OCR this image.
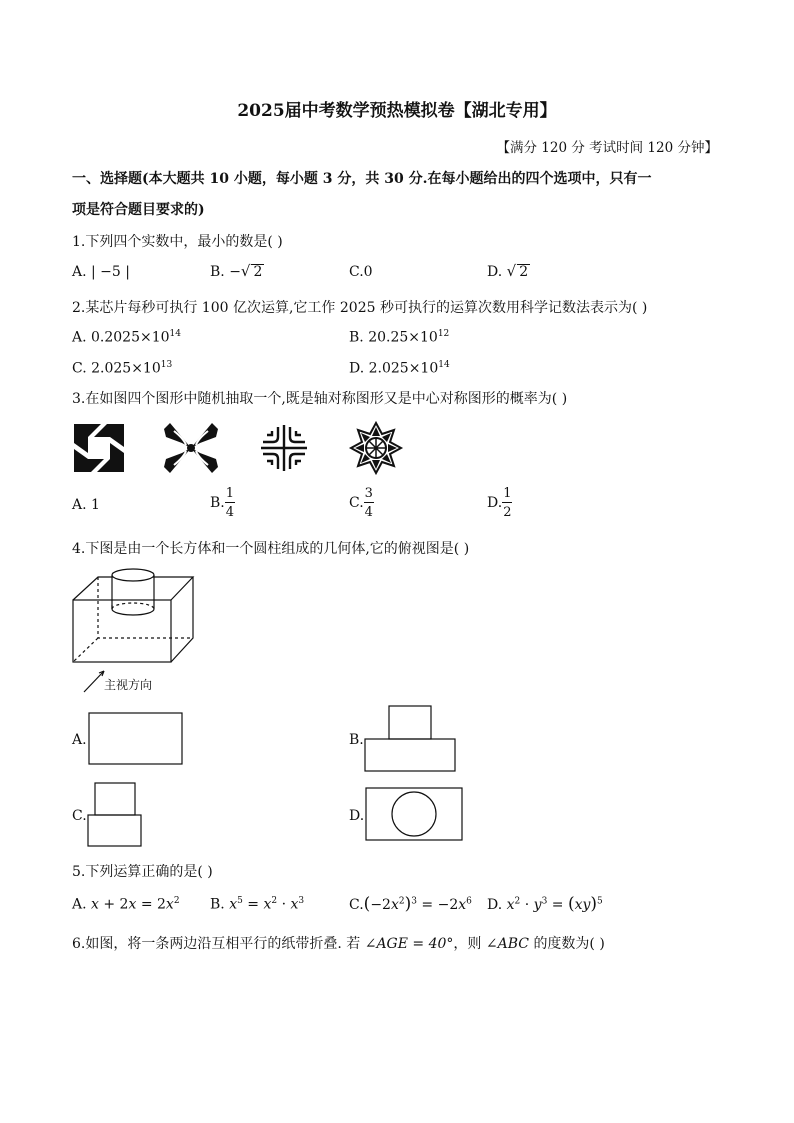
2025届中考数学预热模拟卷【湖北专用】
【满分 120 分 考试时间 120 分钟】
一、选择题(本大题共 10 小题，每小题 3 分，共 30 分.在每小题给出的四个选项中，只有一
项是符合题目要求的)
1.下列四个实数中，最小的数是( )
A. | −5 |	B. −√ 2	C.0	D. √ 2
2.某芯片每秒可执行 100 亿次运算,它工作 2025 秒可执行的运算次数用科学记数法表示为( )
A. $0.2025\times 10^{14}$	B. $20.25\times 10^{12}$
C. $2.025\times 10^{13}$	D. $2.025\times 10^{14}$
3.在如图四个图形中随机抽取一个,既是轴对称图形又是中心对称图形的概率为( )
A. 1	B. $\frac{1}{4}$	C. $\frac{3}{4}$	D. $\frac{1}{2}$
4.下图是由一个长方体和一个圆柱组成的几何体,它的俯视图是( )
主视方向
A.	B.
C.	D.
5.下列运算正确的是( )
A. $x + 2x = 2x^2$ B. $x^5 = x^2 \cdot x^3$	$C.(-2x^2)^3 = -2x^6$ D. $x^2 \cdot y^3 = (xy)^5$
6.如图，将一条两边沿互相平行的纸带折叠. 若 ∠AGE = 40°，则 ∠ABC 的度数为( )
